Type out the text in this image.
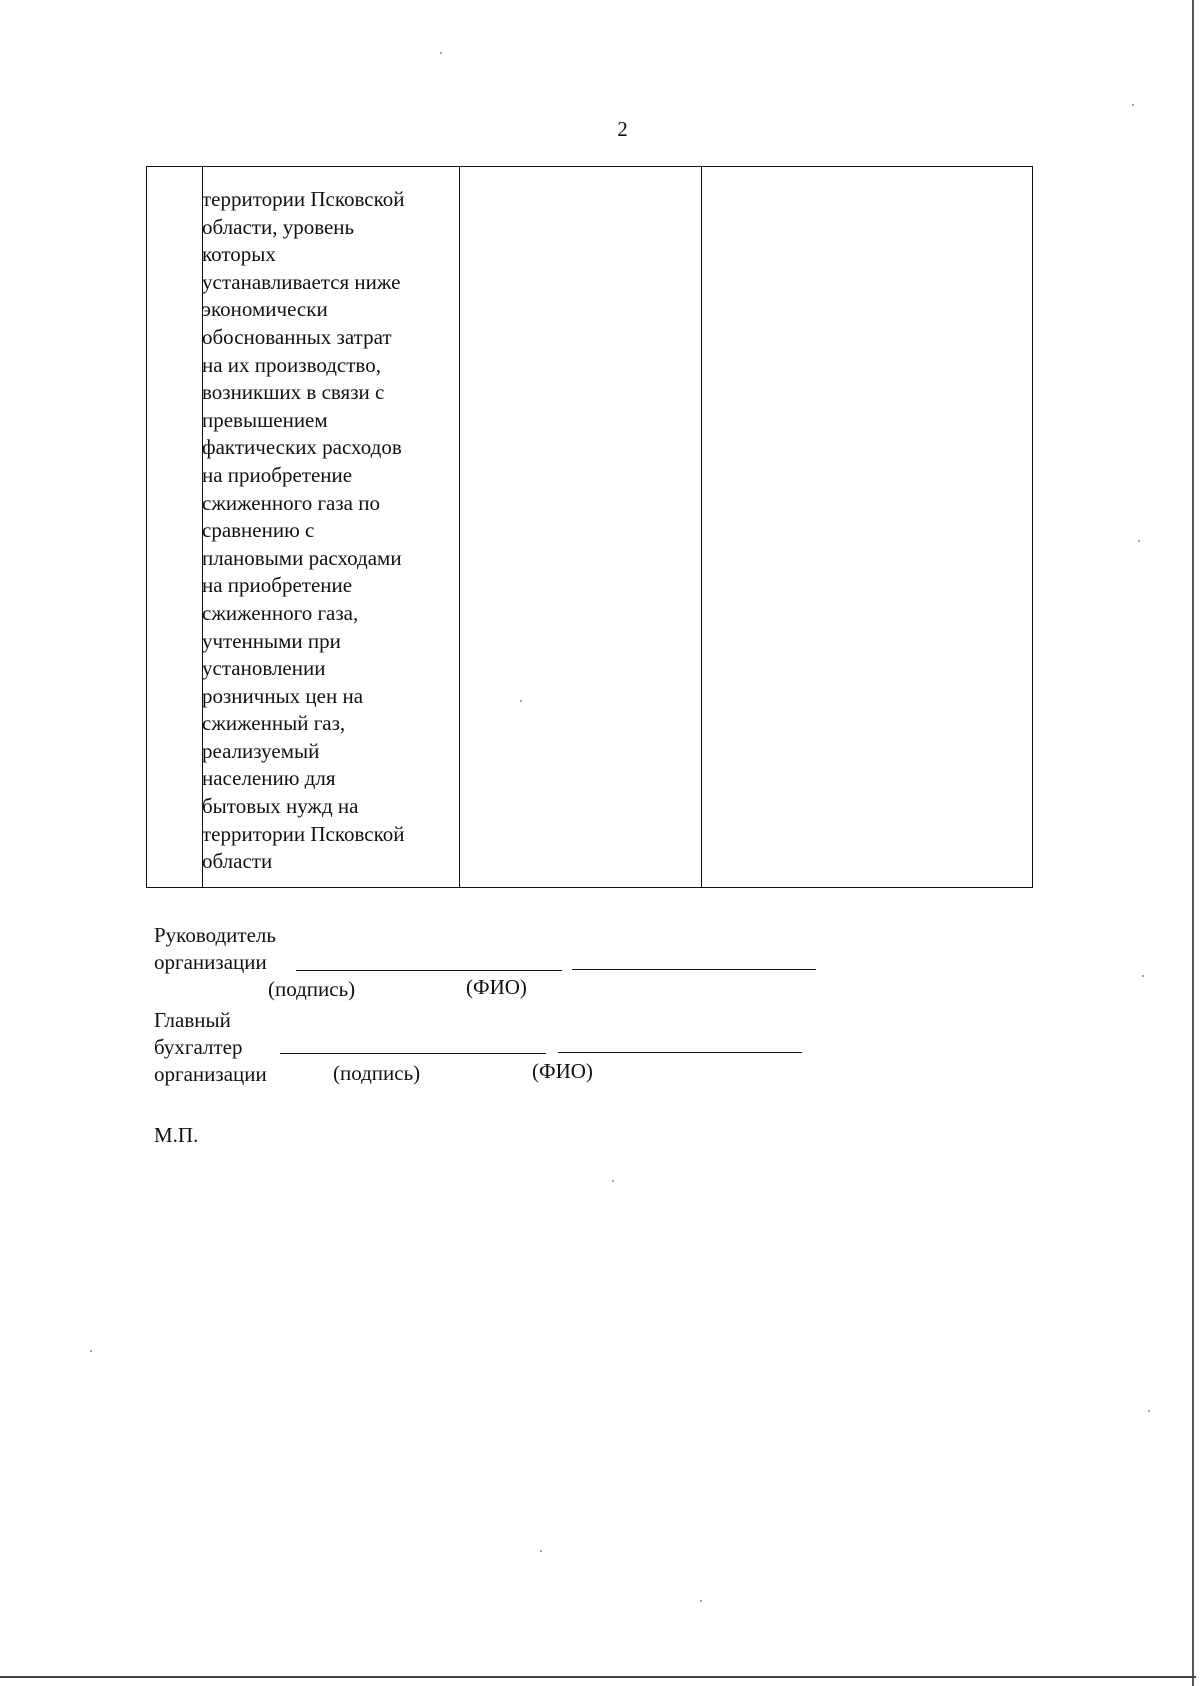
2
территории Псковской
области, уровень
которых
устанавливается ниже
экономически
обоснованных затрат
на их производство,
возникших в связи с
превышением
фактических расходов
на приобретение
сжиженного газа по
сравнению с
плановыми расходами
на приобретение
сжиженного газа,
учтенными при
установлении
розничных цен на
сжиженный газ,
реализуемый
населению для
бытовых нужд на
территории Псковской
области
Руководитель
организации
(подпись)	(ФИО)
Главный
бухгалтер
организации	(подпись)	(ФИО)
М.П.
